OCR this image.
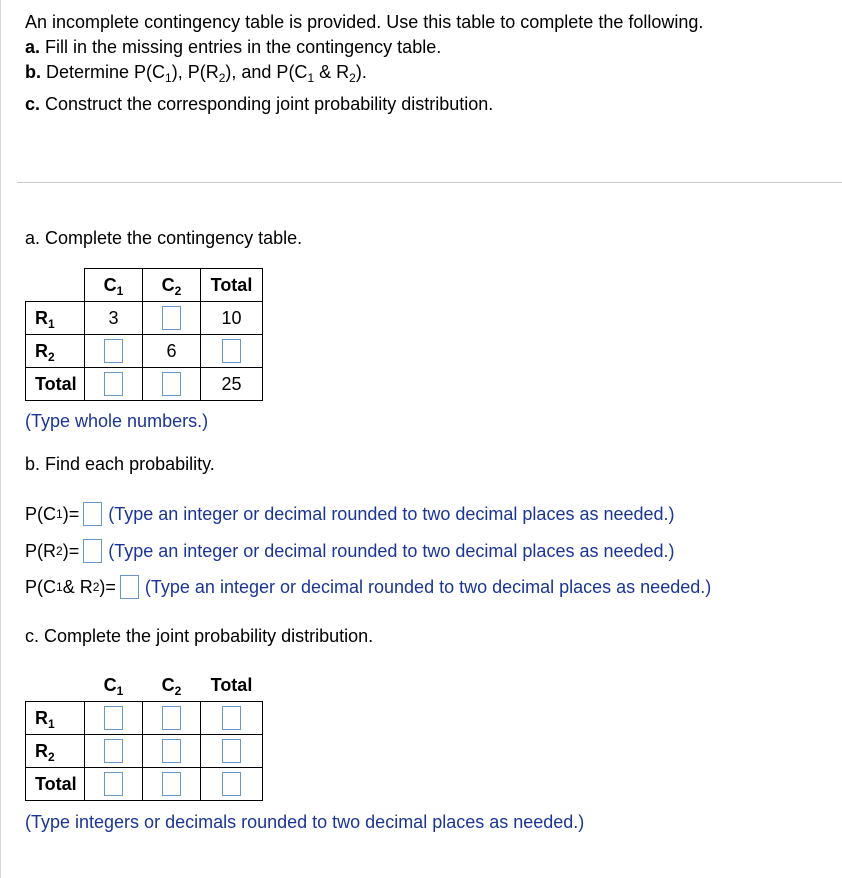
An incomplete contingency table is provided. Use this table to complete the following.
a. Fill in the missing entries in the contingency table.
b. Determine $P(C_1)$, $P(R_2)$, and $P(C_1$ & $R_2$).
c. Construct the corresponding joint probability distribution.
a. Complete the contingency table.
	$C_1$	$C_2$	Total
$R_1$	3		10
$R_2$		6	
Total			25
(Type whole numbers.)
b. Find each probability.
P(C 1 ) = (Type an integer or decimal rounded to two decimal places as needed.)
P(R 2 ) = (Type an integer or decimal rounded to two decimal places as needed.)
P(C 1 & R 2 ) = (Type an integer or decimal rounded to two decimal places as needed.)
c. Complete the joint probability distribution.
	$C_1$	$C_2$	Total
$R_1$			
$R_2$			
Total			
(Type integers or decimals rounded to two decimal places as needed.)
